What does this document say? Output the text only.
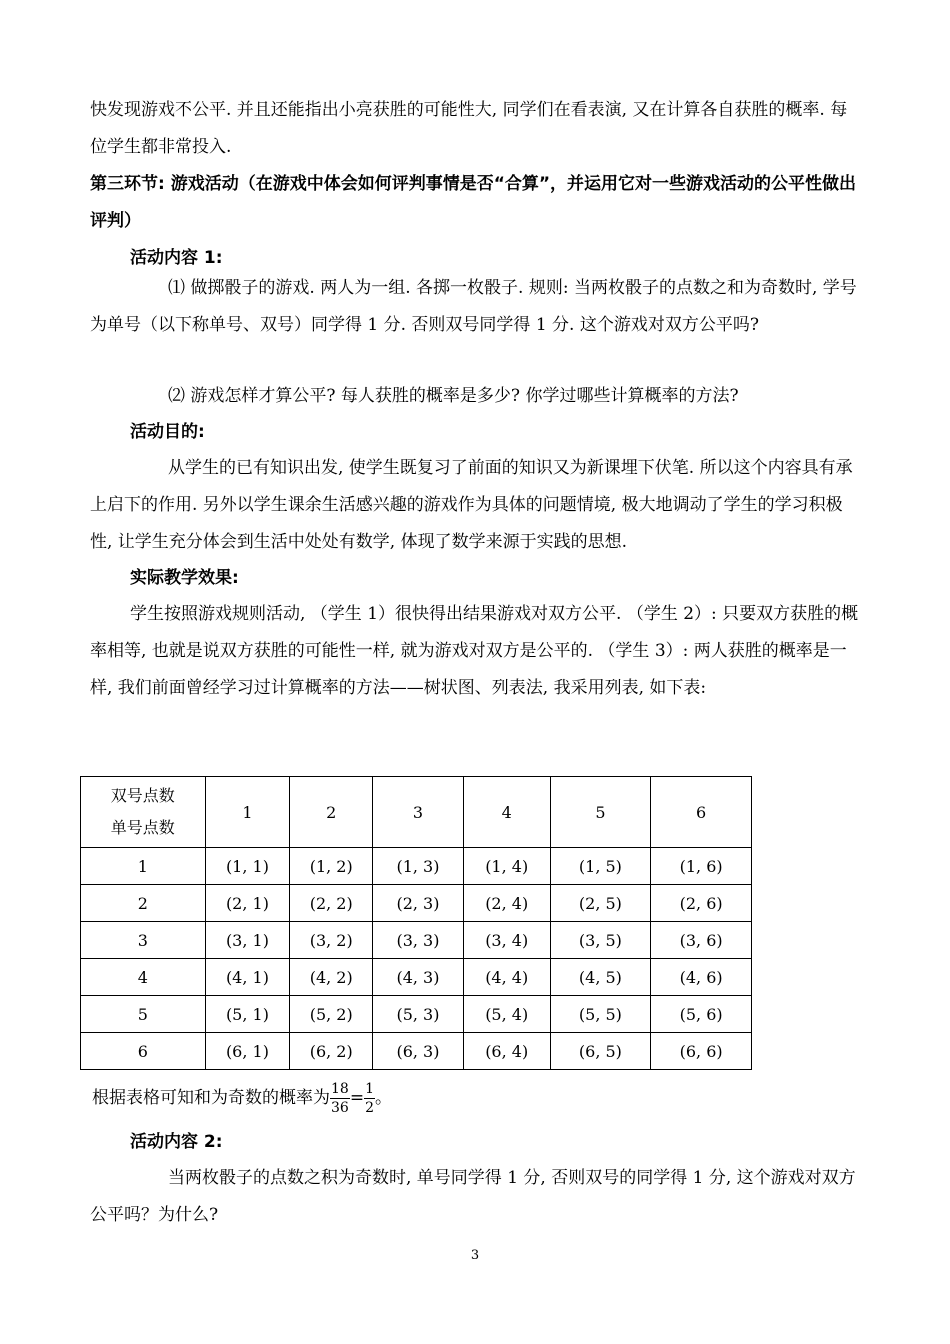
快发现游戏不公平. 并且还能指出小亮获胜的可能性大, 同学们在看表演, 又在计算各自获胜的概率. 每位学生都非常投入.
第三环节: 游戏活动（在游戏中体会如何评判事情是否“合算”，并运用它对一些游戏活动的公平性做出评判）
活动内容 1:
⑴ 做掷骰子的游戏. 两人为一组. 各掷一枚骰子. 规则: 当两枚骰子的点数之和为奇数时, 学号为单号（以下称单号、双号）同学得 1 分. 否则双号同学得 1 分. 这个游戏对双方公平吗?
⑵ 游戏怎样才算公平? 每人获胜的概率是多少? 你学过哪些计算概率的方法?
活动目的:
从学生的已有知识出发, 使学生既复习了前面的知识又为新课埋下伏笔. 所以这个内容具有承上启下的作用. 另外以学生课余生活感兴趣的游戏作为具体的问题情境, 极大地调动了学生的学习积极性, 让学生充分体会到生活中处处有数学, 体现了数学来源于实践的思想.
实际教学效果:
学生按照游戏规则活动, （学生 1）很快得出结果游戏对双方公平. （学生 2）: 只要双方获胜的概率相等, 也就是说双方获胜的可能性一样, 就为游戏对双方是公平的. （学生 3）: 两人获胜的概率是一样, 我们前面曾经学习过计算概率的方法——树状图、列表法, 我采用列表, 如下表:
双号点数
单号点数	1	2	3	4	5	6
1	(1, 1)	(1, 2)	(1, 3)	(1, 4)	(1, 5)	(1, 6)
2	(2, 1)	(2, 2)	(2, 3)	(2, 4)	(2, 5)	(2, 6)
3	(3, 1)	(3, 2)	(3, 3)	(3, 4)	(3, 5)	(3, 6)
4	(4, 1)	(4, 2)	(4, 3)	(4, 4)	(4, 5)	(4, 6)
5	(5, 1)	(5, 2)	(5, 3)	(5, 4)	(5, 5)	(5, 6)
6	(6, 1)	(6, 2)	(6, 3)	(6, 4)	(6, 5)	(6, 6)
根据表格可知和为奇数的概率为 $\frac{18}{36} = \frac{1}{2}$ 。
活动内容 2:
当两枚骰子的点数之积为奇数时, 单号同学得 1 分, 否则双号的同学得 1 分, 这个游戏对双方公平吗？为什么?
3
